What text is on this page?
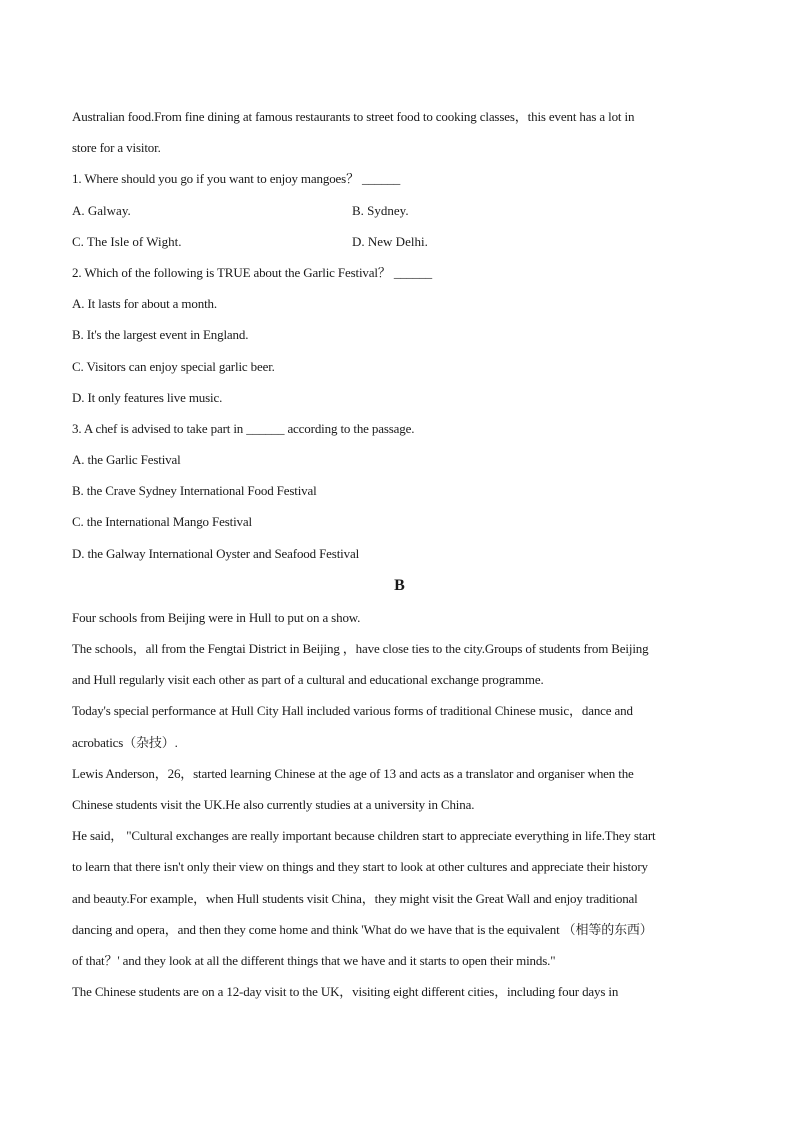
Australian food.From fine dining at famous restaurants to street food to cooking classes，this event has a lot in
store for a visitor.
1. Where should you go if you want to enjoy mangoes？ ______
A. Galway.	B. Sydney.
C. The Isle of Wight.	D. New Delhi.
2. Which of the following is TRUE about the Garlic Festival？ ______
A. It lasts for about a month.
B. It's the largest event in England.
C. Visitors can enjoy special garlic beer.
D. It only features live music.
3. A chef is advised to take part in ______ according to the passage.
A. the Garlic Festival
B. the Crave Sydney International Food Festival
C. the International Mango Festival
D. the Galway International Oyster and Seafood Festival
B
Four schools from Beijing were in Hull to put on a show.
The schools，all from the Fengtai District in Beijing ，have close ties to the city.Groups of students from Beijing
and Hull regularly visit each other as part of a cultural and educational exchange programme.
Today's special performance at Hull City Hall included various forms of traditional Chinese music，dance and
acrobatics（杂技）.
Lewis Anderson，26，started learning Chinese at the age of 13 and acts as a translator and organiser when the
Chinese students visit the UK.He also currently studies at a university in China.
He said， "Cultural exchanges are really important because children start to appreciate everything in life.They start
to learn that there isn't only their view on things and they start to look at other cultures and appreciate their history
and beauty.For example，when Hull students visit China，they might visit the Great Wall and enjoy traditional
dancing and opera，and then they come home and think 'What do we have that is the equivalent （相等的东西）
of that？' and they look at all the different things that we have and it starts to open their minds."
The Chinese students are on a 12-day visit to the UK，visiting eight different cities，including four days in
